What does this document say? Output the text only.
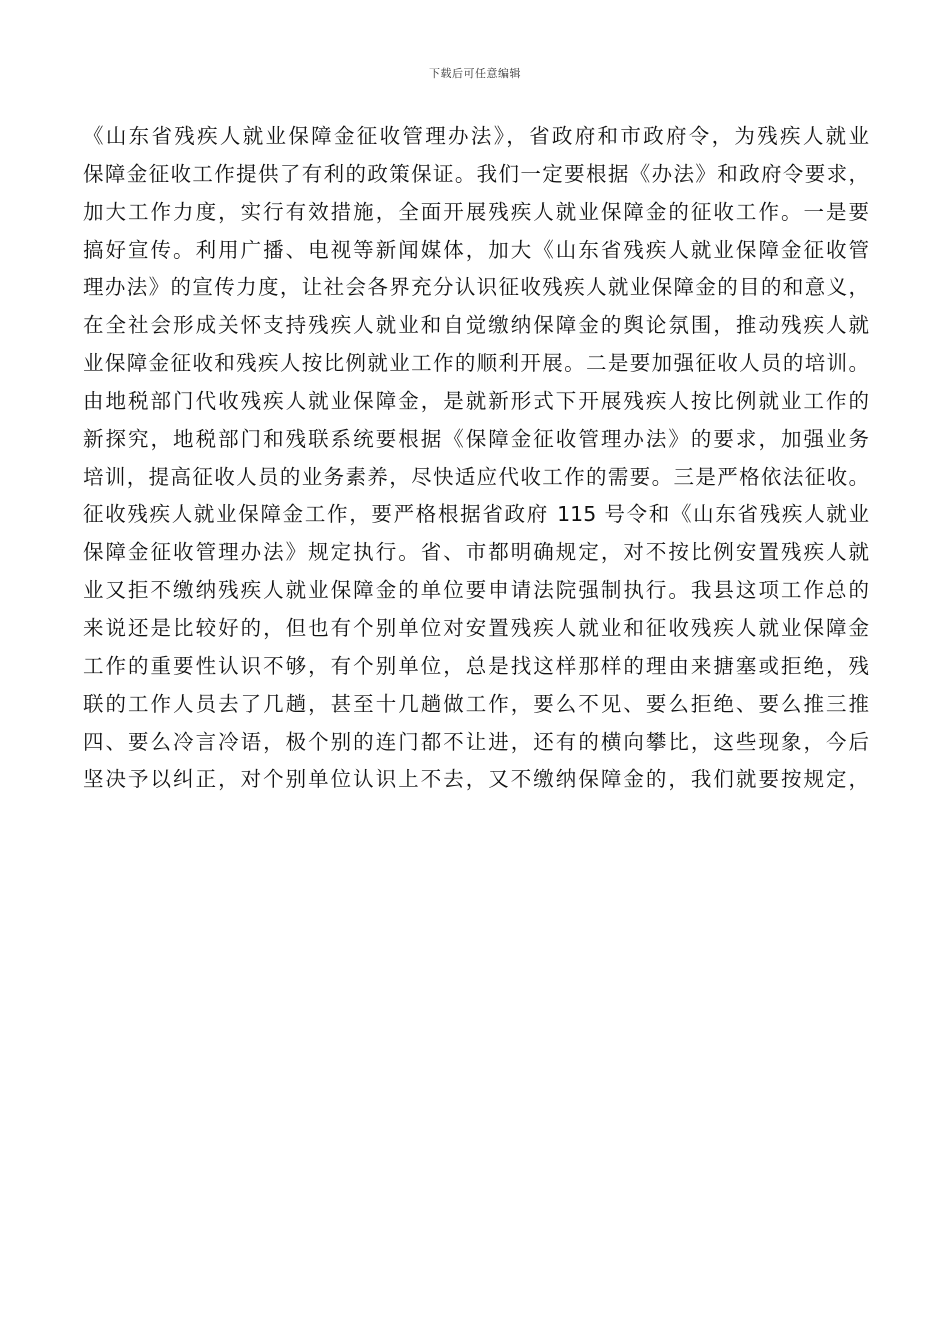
下载后可任意编辑
《山东省残疾人就业保障金征收管理办法》，省政府和市政府令，为残疾人就业
保障金征收工作提供了有利的政策保证。我们一定要根据《办法》和政府令要求，
加大工作力度，实行有效措施，全面开展残疾人就业保障金的征收工作。一是要
搞好宣传。利用广播、电视等新闻媒体，加大《山东省残疾人就业保障金征收管
理办法》的宣传力度，让社会各界充分认识征收残疾人就业保障金的目的和意义，
在全社会形成关怀支持残疾人就业和自觉缴纳保障金的舆论氛围，推动残疾人就
业保障金征收和残疾人按比例就业工作的顺利开展。二是要加强征收人员的培训。
由地税部门代收残疾人就业保障金，是就新形式下开展残疾人按比例就业工作的
新探究，地税部门和残联系统要根据《保障金征收管理办法》的要求，加强业务
培训，提高征收人员的业务素养，尽快适应代收工作的需要。三是严格依法征收。
征收残疾人就业保障金工作，要严格根据省政府 115 号令和《山东省残疾人就业
保障金征收管理办法》规定执行。省、市都明确规定，对不按比例安置残疾人就
业又拒不缴纳残疾人就业保障金的单位要申请法院强制执行。我县这项工作总的
来说还是比较好的，但也有个别单位对安置残疾人就业和征收残疾人就业保障金
工作的重要性认识不够，有个别单位，总是找这样那样的理由来搪塞或拒绝，残
联的工作人员去了几趟，甚至十几趟做工作，要么不见、要么拒绝、要么推三推
四、要么冷言冷语，极个别的连门都不让进，还有的横向攀比，这些现象，今后
坚决予以纠正，对个别单位认识上不去，又不缴纳保障金的，我们就要按规定，
